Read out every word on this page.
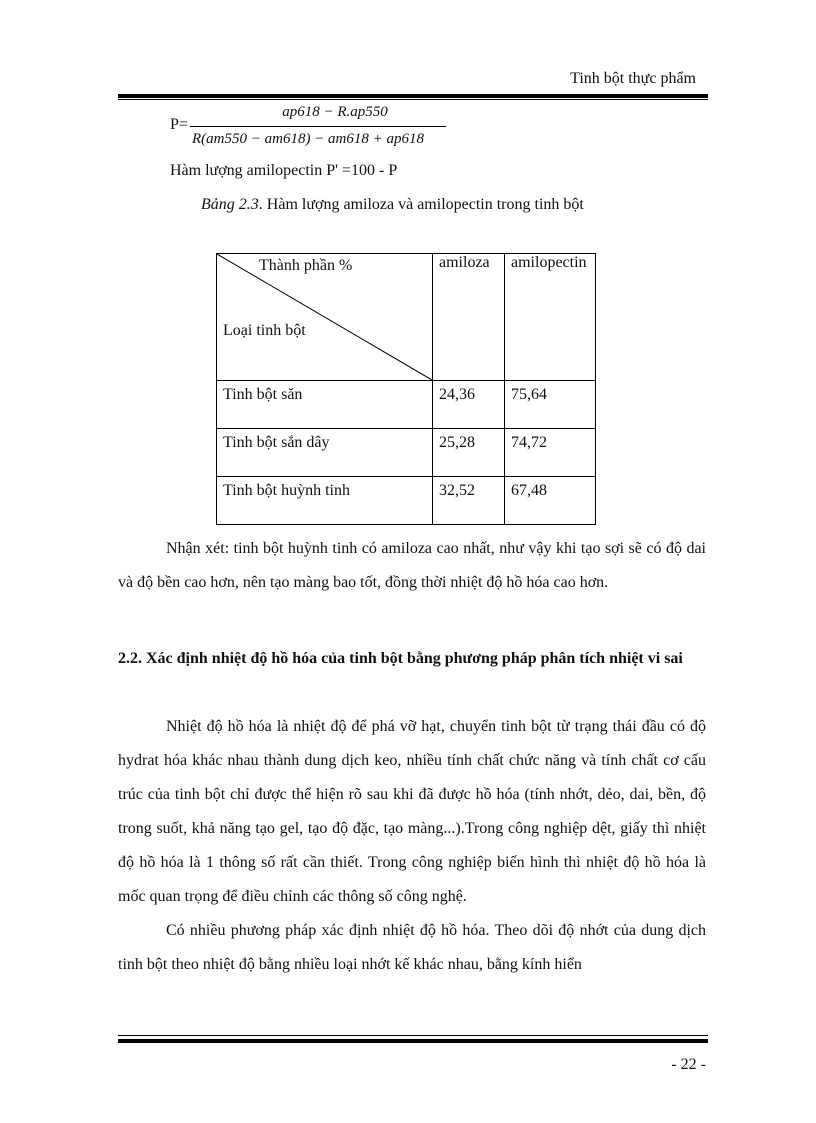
Tinh bột thực phẩm
P=
ap618 − R.ap550
R(am550 − am618) − am618 + ap618
Hàm lượng amilopectin P' =100 - P
Bảng 2.3. Hàm lượng amiloza và amilopectin trong tinh bột
Thành phần %
Loại tinh bột	amiloza	amilopectin
Tinh bột săn	24,36	75,64
Tinh bột sắn dây	25,28	74,72
Tinh bột huỳnh tinh	32,52	67,48

Nhận xét: tinh bột huỳnh tinh có amiloza cao nhất, như vậy khi tạo sợi sẽ có độ dai và độ bền cao hơn, nên tạo màng bao tốt, đồng thời nhiệt độ hồ hóa cao hơn.

2.2. Xác định nhiệt độ hồ hóa của tinh bột bằng phương pháp phân tích nhiệt vi sai

Nhiệt độ hồ hóa là nhiệt độ để phá vỡ hạt, chuyển tinh bột từ trạng thái đầu có độ hydrat hóa khác nhau thành dung dịch keo, nhiều tính chất chức năng và tính chất cơ cấu trúc của tinh bột chỉ được thể hiện rõ sau khi đã được hồ hóa (tính nhớt, dẻo, dai, bền, độ trong suốt, khả năng tạo gel, tạo độ đặc, tạo màng...).Trong công nghiệp dệt, giấy thì nhiệt độ hồ hóa là 1 thông số rất cần thiết. Trong công nghiệp biến hình thì nhiệt độ hồ hóa là mốc quan trọng để điều chỉnh các thông số công nghệ.

Có nhiều phương pháp xác định nhiệt độ hồ hóa. Theo dõi độ nhớt của dung dịch tinh bột theo nhiệt độ bằng nhiều loại nhớt kế khác nhau, bằng kính hiển

- 22 -
